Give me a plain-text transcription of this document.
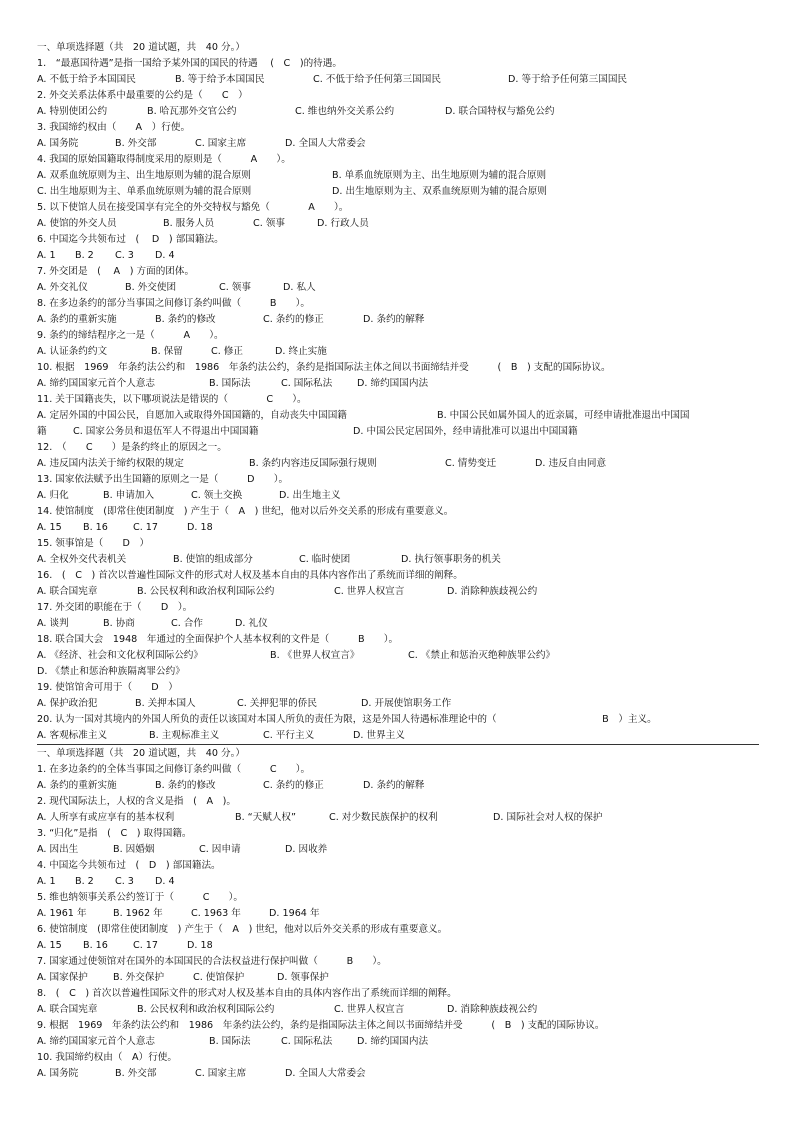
一、单项选择题（共　20 道试题，共　40 分。）
1.　“最惠国待遇”是指一国给予某外国的国民的待遇　 (　C　)的待遇。
A. 不低于给予本国国民	B. 等于给予本国国民	C. 不低于给予任何第三国国民	D. 等于给予任何第三国国民
2. 外交关系法体系中最重要的公约是（　　C　）
A. 特别使团公约	B. 哈瓦那外交官公约	C. 维也纳外交关系公约	D. 联合国特权与豁免公约
3. 我国缔约权由（　　A　）行使。
A. 国务院	B. 外交部	C. 国家主席	D. 全国人大常委会
4. 我国的原始国籍取得制度采用的原则是（　　　A　　）。
A. 双系血统原则为主、出生地原则为辅的混合原则	B. 单系血统原则为主、出生地原则为辅的混合原则
C. 出生地原则为主、单系血统原则为辅的混合原则	D. 出生地原则为主、双系血统原则为辅的混合原则
5. 以下使馆人员在接受国享有完全的外交特权与豁免（　　　　A　　）。
A. 使馆的外交人员	B. 服务人员	C. 领事	D. 行政人员
6. 中国迄今共领布过　(　 D　) 部国籍法。
A. 1 B. 2 C. 3 D. 4
7. 外交团是　(　 A　) 方面的团体。
A. 外交礼仪	B. 外交使团	C. 领事	D. 私人
8. 在多边条约的部分当事国之间修订条约叫做（　　　B　　）。
A. 条约的重新实施	B. 条约的修改	C. 条约的修正	D. 条约的解释
9. 条约的缔结程序之一是（　　　A　　）。
A. 认证条约约文	B. 保留	C. 修正	D. 终止实施
10. 根据　1969　年条约法公约和　1986　年条约法公约，条约是指国际法主体之间以书面缔结并受　　　(　B　) 支配的国际协议。
A. 缔约国国家元首个人意志	B. 国际法	C. 国际私法	D. 缔约国国内法
11. 关于国籍丧失，以下哪项说法是错误的（　　　　C　　）。
A. 定居外国的中国公民，自愿加入或取得外国国籍的，自动丧失中国国籍	B. 中国公民如属外国人的近亲属，可经申请批准退出中国国
籍	C. 国家公务员和退伍军人不得退出中国国籍	D. 中国公民定居国外，经申请批准可以退出中国国籍
12.　（　　C　　）是条约终止的原因之一。
A. 违反国内法关于缔约权限的规定	B. 条约内容违反国际强行规则	C. 情势变迁	D. 违反自由同意
13. 国家依法赋予出生国籍的原则之一是（　　　D　　）。
A. 归化	B. 申请加入	C. 领土交换	D. 出生地主义
14. 使馆制度　(即常住使团制度　) 产生于（　A　) 世纪，他对以后外交关系的形成有重要意义。
A. 15 B. 16	C. 17	D. 18
15. 领事馆是（　　D　）
A. 全权外交代表机关	B. 使馆的组成部分	C. 临时使团	D. 执行领事职务的机关
16.　(　C　) 首次以普遍性国际文件的形式对人权及基本自由的具体内容作出了系统而详细的阐释。
A. 联合国宪章	B. 公民权利和政治权利国际公约	C. 世界人权宣言	D. 消除种族歧视公约
17. 外交团的职能在于（　　D　）。
A. 谈判	B. 协商	C. 合作	D. 礼仪
18. 联合国大会　1948　年通过的全面保护个人基本权利的文件是（　　　B　　）。
A. 《经济、社会和文化权利国际公约》	B. 《世界人权宣言》	C. 《禁止和惩治灭绝种族罪公约》
D. 《禁止和惩治种族隔离罪公约》
19. 使馆馆舍可用于（　　D　）
A. 保护政治犯	B. 关押本国人	C. 关押犯罪的侨民	D. 开展使馆职务工作
20. 认为一国对其境内的外国人所负的责任以该国对本国人所负的责任为限，这是外国人待遇标准理论中的（　　　　　　　　　　　B　）主义。
A. 客观标准主义	B. 主观标准主义	C. 平行主义	D. 世界主义
一、单项选择题（共　20 道试题，共　40 分。）
1. 在多边条约的全体当事国之间修订条约叫做（　　　C　　）。
A. 条约的重新实施	B. 条约的修改	C. 条约的修正	D. 条约的解释
2. 现代国际法上，人权的含义是指　(　A　)。
A. 人所享有或应享有的基本权利	B. “天赋人权”	C. 对少数民族保护的权利	D. 国际社会对人权的保护
3. “归化”是指　(　C　) 取得国籍。
A. 因出生	B. 因婚姻	C. 因申请	D. 因收养
4. 中国迄今共领布过　(　D　) 部国籍法。
A. 1 B. 2 C. 3 D. 4
5. 维也纳领事关系公约签订于（　　　C　　）。
A. 1961 年	B. 1962 年	C. 1963 年	D. 1964 年
6. 使馆制度　(即常住使团制度　) 产生于（　A　) 世纪，他对以后外交关系的形成有重要意义。
A. 15 B. 16	C. 17	D. 18
7. 国家通过使领馆对在国外的本国国民的合法权益进行保护叫做（　　　B　　）。
A. 国家保护	B. 外交保护	C. 使馆保护	D. 领事保护
8.　(　C　) 首次以普遍性国际文件的形式对人权及基本自由的具体内容作出了系统而详细的阐释。
A. 联合国宪章	B. 公民权利和政治权利国际公约	C. 世界人权宣言	D. 消除种族歧视公约
9. 根据　1969　年条约法公约和　1986　年条约法公约，条约是指国际法主体之间以书面缔结并受　　　(　B　) 支配的国际协议。
A. 缔约国国家元首个人意志	B. 国际法	C. 国际私法	D. 缔约国国内法
10. 我国缔约权由（　A）行使。
A. 国务院	B. 外交部	C. 国家主席	D. 全国人大常委会
